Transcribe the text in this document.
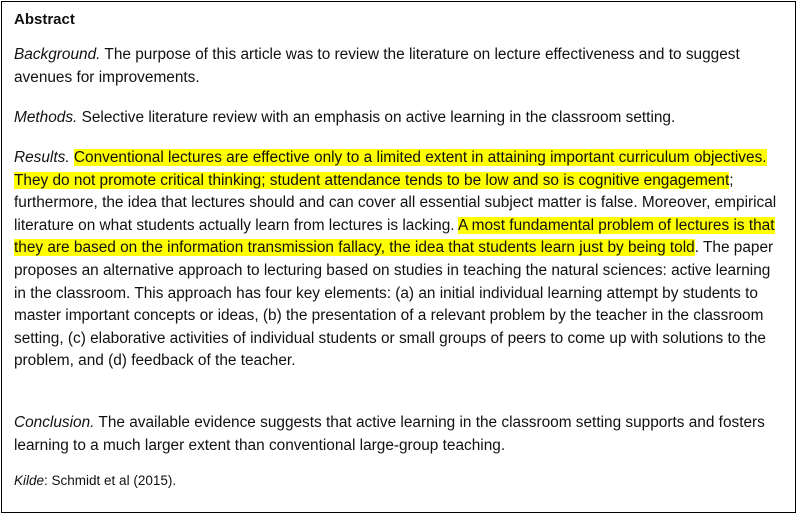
Abstract

Background. The purpose of this article was to review the literature on lecture effectiveness and to suggest avenues for improvements.

Methods. Selective literature review with an emphasis on active learning in the classroom setting.

Results. Conventional lectures are effective only to a limited extent in attaining important curriculum objectives. They do not promote critical thinking; student attendance tends to be low and so is cognitive engagement; furthermore, the idea that lectures should and can cover all essential subject matter is false. Moreover, empirical literature on what students actually learn from lectures is lacking. A most fundamental problem of lectures is that they are based on the information transmission fallacy, the idea that students learn just by being told. The paper proposes an alternative approach to lecturing based on studies in teaching the natural sciences: active learning in the classroom. This approach has four key elements: (a) an initial individual learning attempt by students to master important concepts or ideas, (b) the presentation of a relevant problem by the teacher in the classroom setting, (c) elaborative activities of individual students or small groups of peers to come up with solutions to the problem, and (d) feedback of the teacher.

Conclusion. The available evidence suggests that active learning in the classroom setting supports and fosters learning to a much larger extent than conventional large-group teaching.

Kilde: Schmidt et al (2015).
